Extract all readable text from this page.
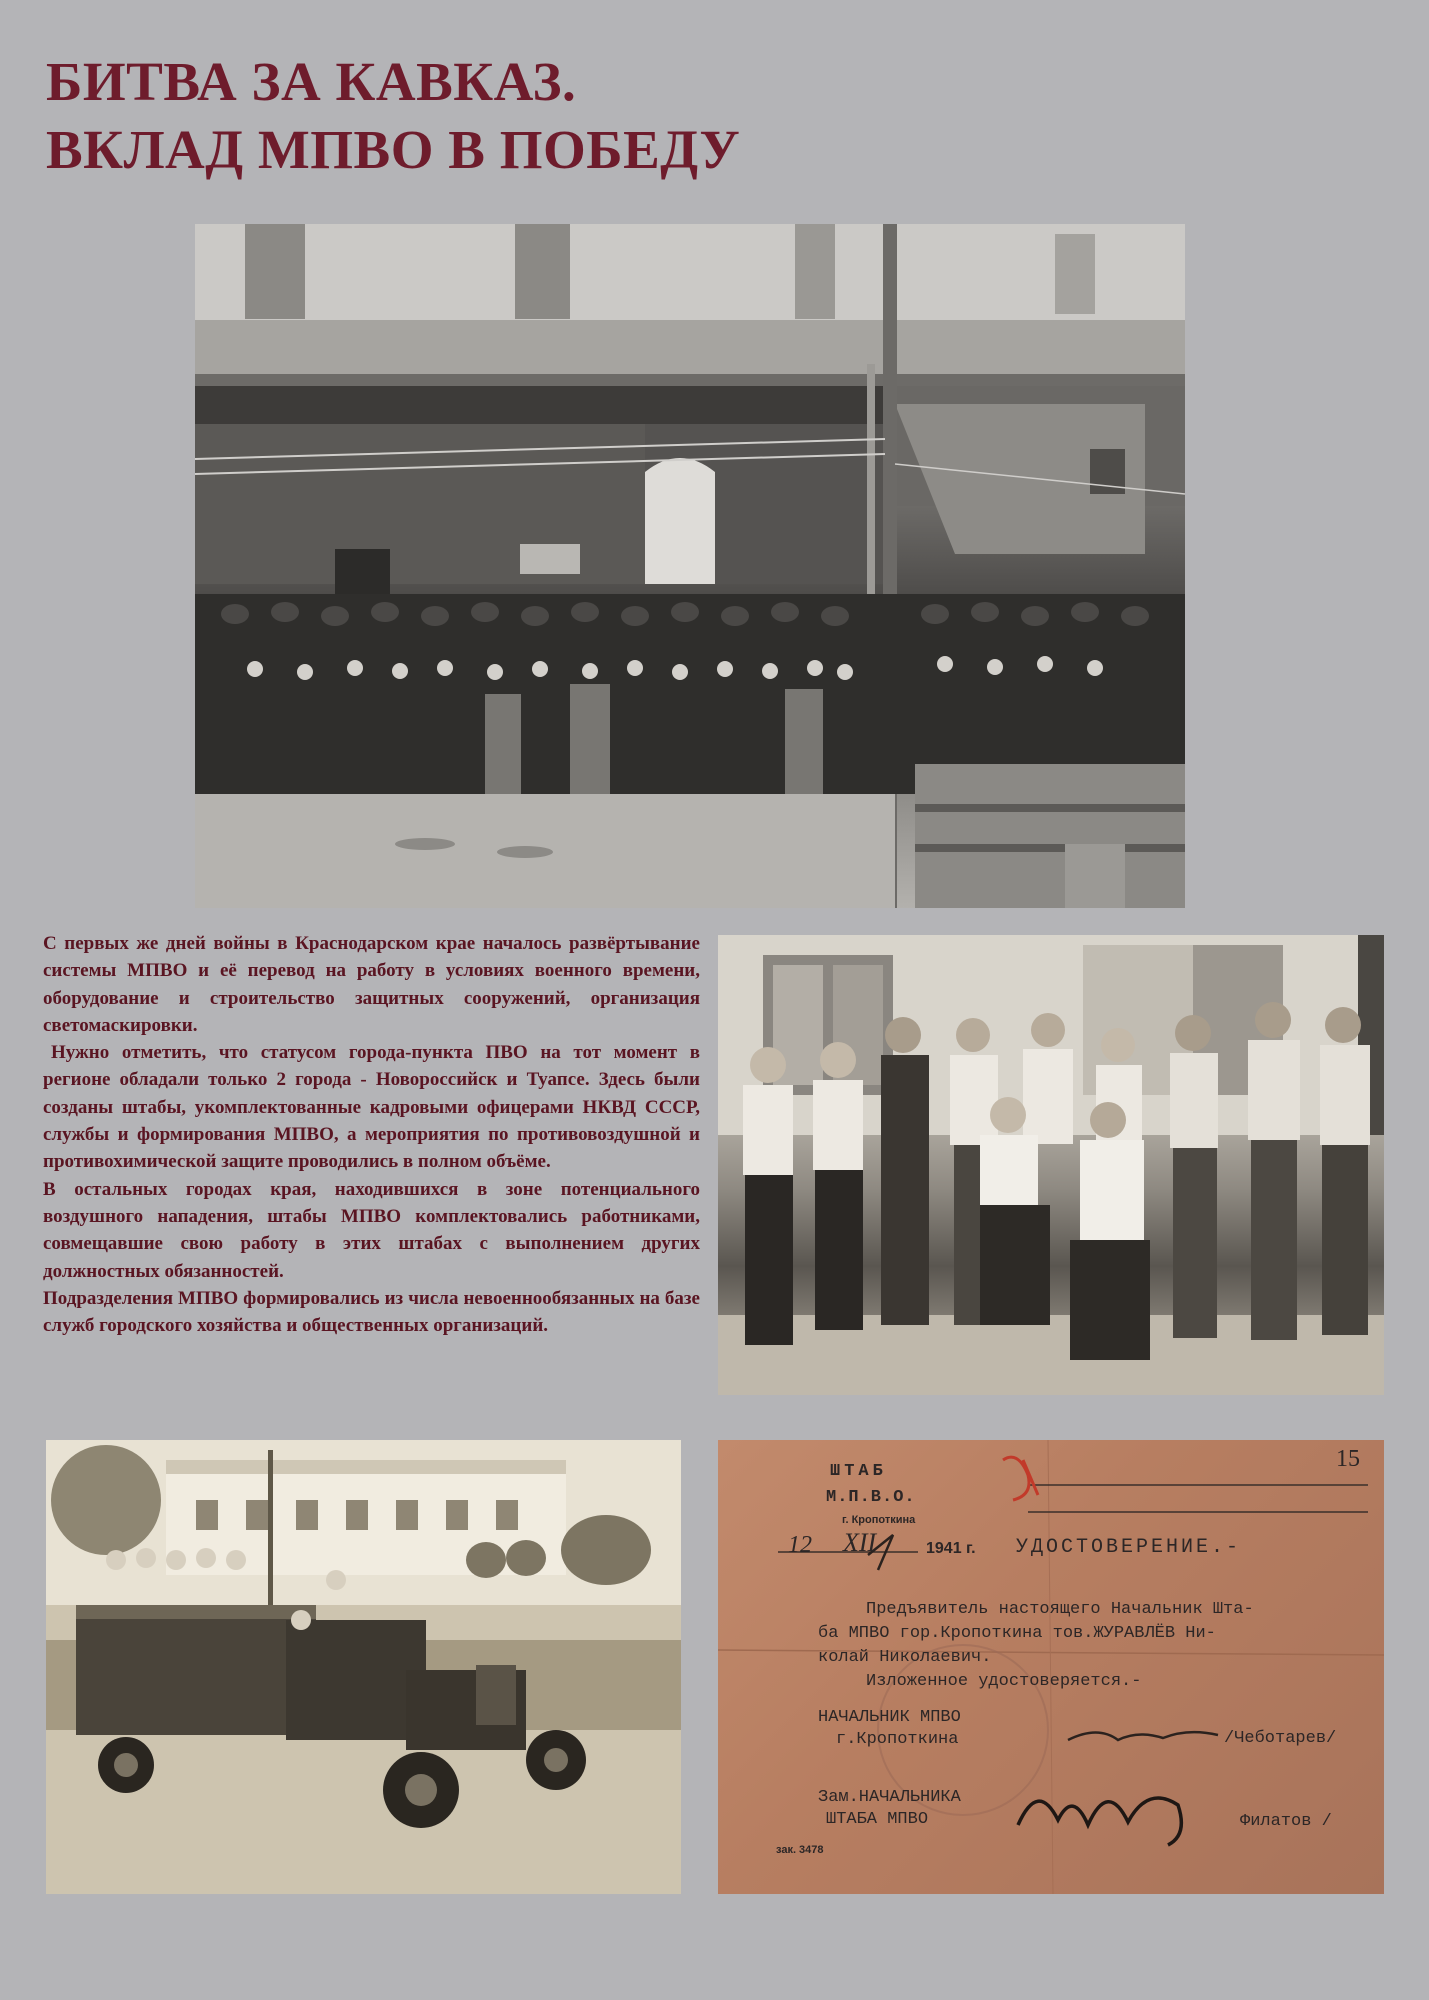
БИТВА ЗА КАВКАЗ.
ВКЛАД МПВО В ПОБЕДУ

С первых же дней войны в Краснодарском крае началось развёртывание системы МПВО и её перевод на работу в условиях военного времени, оборудование и строительство защитных сооружений, организация светомаскировки.

Нужно отметить, что статусом города-пункта ПВО на тот момент в регионе обладали только 2 города - Новороссийск и Туапсе. Здесь были созданы штабы, укомплектованные кадровыми офицерами НКВД СССР, службы и формирования МПВО, а мероприятия по противовоздушной и противохимической защите проводились в полном объёме.

В остальных городах края, находившихся в зоне потенциального воздушного нападения, штабы МПВО комплектовались работниками, совмещавшие свою работу в этих штабах с выполнением других должностных обязанностей.

Подразделения МПВО формировались из числа невоеннообязанных на базе служб городского хозяйства и общественных организаций.

ШТАБ
М.П.В.О.
г. Кропоткина
15
12 XII	1941 г. УДОСТОВЕРЕНИЕ.-
Предъявитель настоящего Начальник Шта-
ба МПВО гор.Кропоткина тов.ЖУРАВЛЁВ Ни-
колай Николаевич.
Изложенное удостоверяется.-
НАЧАЛЬНИК МПВО
г.Кропоткина	/Чеботарев/
Зам.НАЧАЛЬНИКА
ШТАБА МПВО	Филатов /
зак. 3478
